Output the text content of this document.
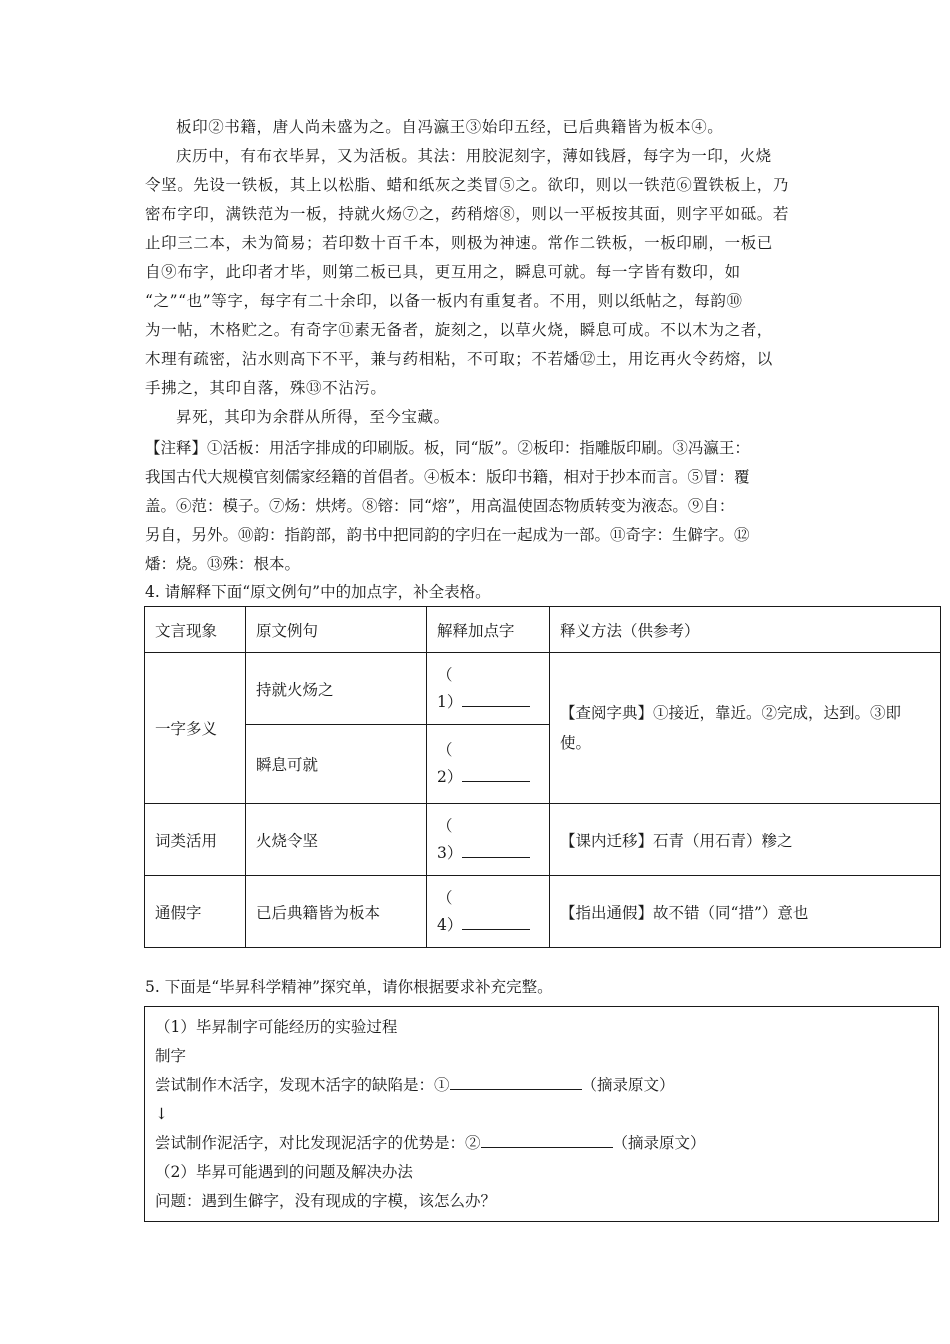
板印②书籍，唐人尚未盛为之。自冯瀛王③始印五经，已后典籍皆为板本④。

庆历中，有布衣毕昇，又为活板。其法：用胶泥刻字，薄如钱唇，每字为一印，火烧

令坚。先设一铁板，其上以松脂、蜡和纸灰之类冒⑤之。欲印，则以一铁范⑥置铁板上，乃

密布字印，满铁范为一板，持就火炀⑦之，药稍熔⑧，则以一平板按其面，则字平如砥。若

止印三二本，未为简易；若印数十百千本，则极为神速。常作二铁板，一板印刷，一板已

自⑨布字，此印者才毕，则第二板已具，更互用之，瞬息可就。每一字皆有数印，如

“之”“也”等字，每字有二十余印，以备一板内有重复者。不用，则以纸帖之，每韵⑩

为一帖，木格贮之。有奇字⑪素无备者，旋刻之，以草火烧，瞬息可成。不以木为之者，

木理有疏密，沾水则高下不平，兼与药相粘，不可取；不若燔⑫土，用讫再火令药熔，以

手拂之，其印自落，殊⑬不沾污。

昇死，其印为余群从所得，至今宝藏。

【注释】①活板：用活字排成的印刷版。板，同“版”。②板印：指雕版印刷。③冯瀛王：

我国古代大规模官刻儒家经籍的首倡者。④板本：版印书籍，相对于抄本而言。⑤冒：覆

盖。⑥范：模子。⑦炀：烘烤。⑧镕：同“熔”，用高温使固态物质转变为液态。⑨自：

另自，另外。⑩韵：指韵部，韵书中把同韵的字归在一起成为一部。⑪奇字：生僻字。⑫

燔：烧。⑬殊：根本。

4. 请解释下面“原文例句”中的加点字，补全表格。
文言现象	原文例句	解释加点字	释义方法（供参考）
一字多义	持就火炀之	（
1）	【查阅字典】①接近，靠近。②完成，达到。③即使。
	瞬息可就	（
2）	

词类活用	火烧令坚	（
3）	【课内迁移】石青（用石青）糁之
通假字	已后典籍皆为板本	（
4）	【指出通假】故不错（同“措”）意也
5. 下面是“毕昇科学精神”探究单，请你根据要求补充完整。

（1）毕昇制字可能经历的实验过程

制字

尝试制作木活字，发现木活字的缺陷是：①	（摘录原文）

↓

尝试制作泥活字，对比发现泥活字的优势是：②	（摘录原文）

（2）毕昇可能遇到的问题及解决办法

问题：遇到生僻字，没有现成的字模，该怎么办？
